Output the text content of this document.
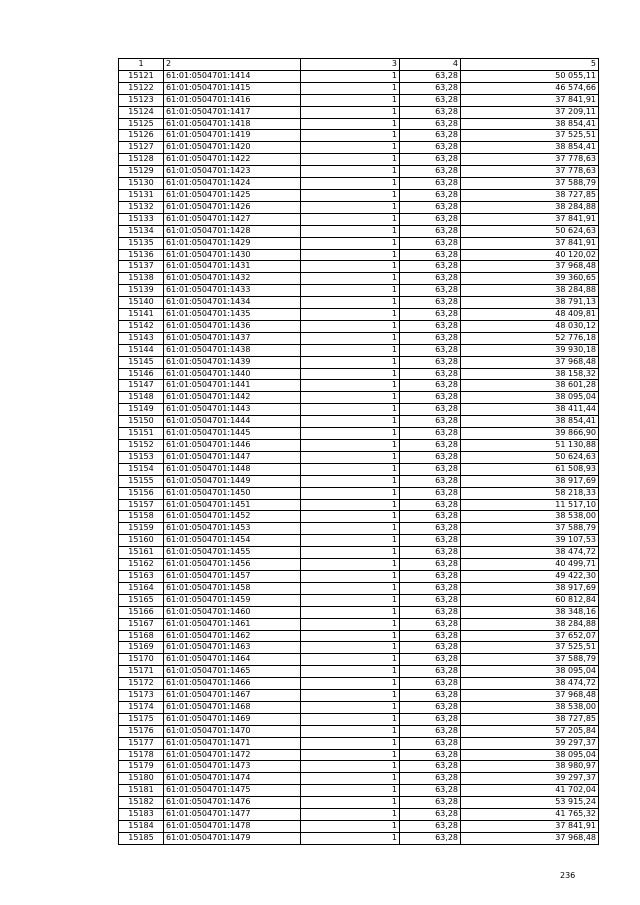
1	2	3	4	5
15121	61:01:0504701:1414	1	63,28	50 055,11
15122	61:01:0504701:1415	1	63,28	46 574,66
15123	61:01:0504701:1416	1	63,28	37 841,91
15124	61:01:0504701:1417	1	63,28	37 209,11
15125	61:01:0504701:1418	1	63,28	38 854,41
15126	61:01:0504701:1419	1	63,28	37 525,51
15127	61:01:0504701:1420	1	63,28	38 854,41
15128	61:01:0504701:1422	1	63,28	37 778,63
15129	61:01:0504701:1423	1	63,28	37 778,63
15130	61:01:0504701:1424	1	63,28	37 588,79
15131	61:01:0504701:1425	1	63,28	38 727,85
15132	61:01:0504701:1426	1	63,28	38 284,88
15133	61:01:0504701:1427	1	63,28	37 841,91
15134	61:01:0504701:1428	1	63,28	50 624,63
15135	61:01:0504701:1429	1	63,28	37 841,91
15136	61:01:0504701:1430	1	63,28	40 120,02
15137	61:01:0504701:1431	1	63,28	37 968,48
15138	61:01:0504701:1432	1	63,28	39 360,65
15139	61:01:0504701:1433	1	63,28	38 284,88
15140	61:01:0504701:1434	1	63,28	38 791,13
15141	61:01:0504701:1435	1	63,28	48 409,81
15142	61:01:0504701:1436	1	63,28	48 030,12
15143	61:01:0504701:1437	1	63,28	52 776,18
15144	61:01:0504701:1438	1	63,28	39 930,18
15145	61:01:0504701:1439	1	63,28	37 968,48
15146	61:01:0504701:1440	1	63,28	38 158,32
15147	61:01:0504701:1441	1	63,28	38 601,28
15148	61:01:0504701:1442	1	63,28	38 095,04
15149	61:01:0504701:1443	1	63,28	38 411,44
15150	61:01:0504701:1444	1	63,28	38 854,41
15151	61:01:0504701:1445	1	63,28	39 866,90
15152	61:01:0504701:1446	1	63,28	51 130,88
15153	61:01:0504701:1447	1	63,28	50 624,63
15154	61:01:0504701:1448	1	63,28	61 508,93
15155	61:01:0504701:1449	1	63,28	38 917,69
15156	61:01:0504701:1450	1	63,28	58 218,33
15157	61:01:0504701:1451	1	63,28	11 517,10
15158	61:01:0504701:1452	1	63,28	38 538,00
15159	61:01:0504701:1453	1	63,28	37 588,79
15160	61:01:0504701:1454	1	63,28	39 107,53
15161	61:01:0504701:1455	1	63,28	38 474,72
15162	61:01:0504701:1456	1	63,28	40 499,71
15163	61:01:0504701:1457	1	63,28	49 422,30
15164	61:01:0504701:1458	1	63,28	38 917,69
15165	61:01:0504701:1459	1	63,28	60 812,84
15166	61:01:0504701:1460	1	63,28	38 348,16
15167	61:01:0504701:1461	1	63,28	38 284,88
15168	61:01:0504701:1462	1	63,28	37 652,07
15169	61:01:0504701:1463	1	63,28	37 525,51
15170	61:01:0504701:1464	1	63,28	37 588,79
15171	61:01:0504701:1465	1	63,28	38 095,04
15172	61:01:0504701:1466	1	63,28	38 474,72
15173	61:01:0504701:1467	1	63,28	37 968,48
15174	61:01:0504701:1468	1	63,28	38 538,00
15175	61:01:0504701:1469	1	63,28	38 727,85
15176	61:01:0504701:1470	1	63,28	57 205,84
15177	61:01:0504701:1471	1	63,28	39 297,37
15178	61:01:0504701:1472	1	63,28	38 095,04
15179	61:01:0504701:1473	1	63,28	38 980,97
15180	61:01:0504701:1474	1	63,28	39 297,37
15181	61:01:0504701:1475	1	63,28	41 702,04
15182	61:01:0504701:1476	1	63,28	53 915,24
15183	61:01:0504701:1477	1	63,28	41 765,32
15184	61:01:0504701:1478	1	63,28	37 841,91
15185	61:01:0504701:1479	1	63,28	37 968,48
236
